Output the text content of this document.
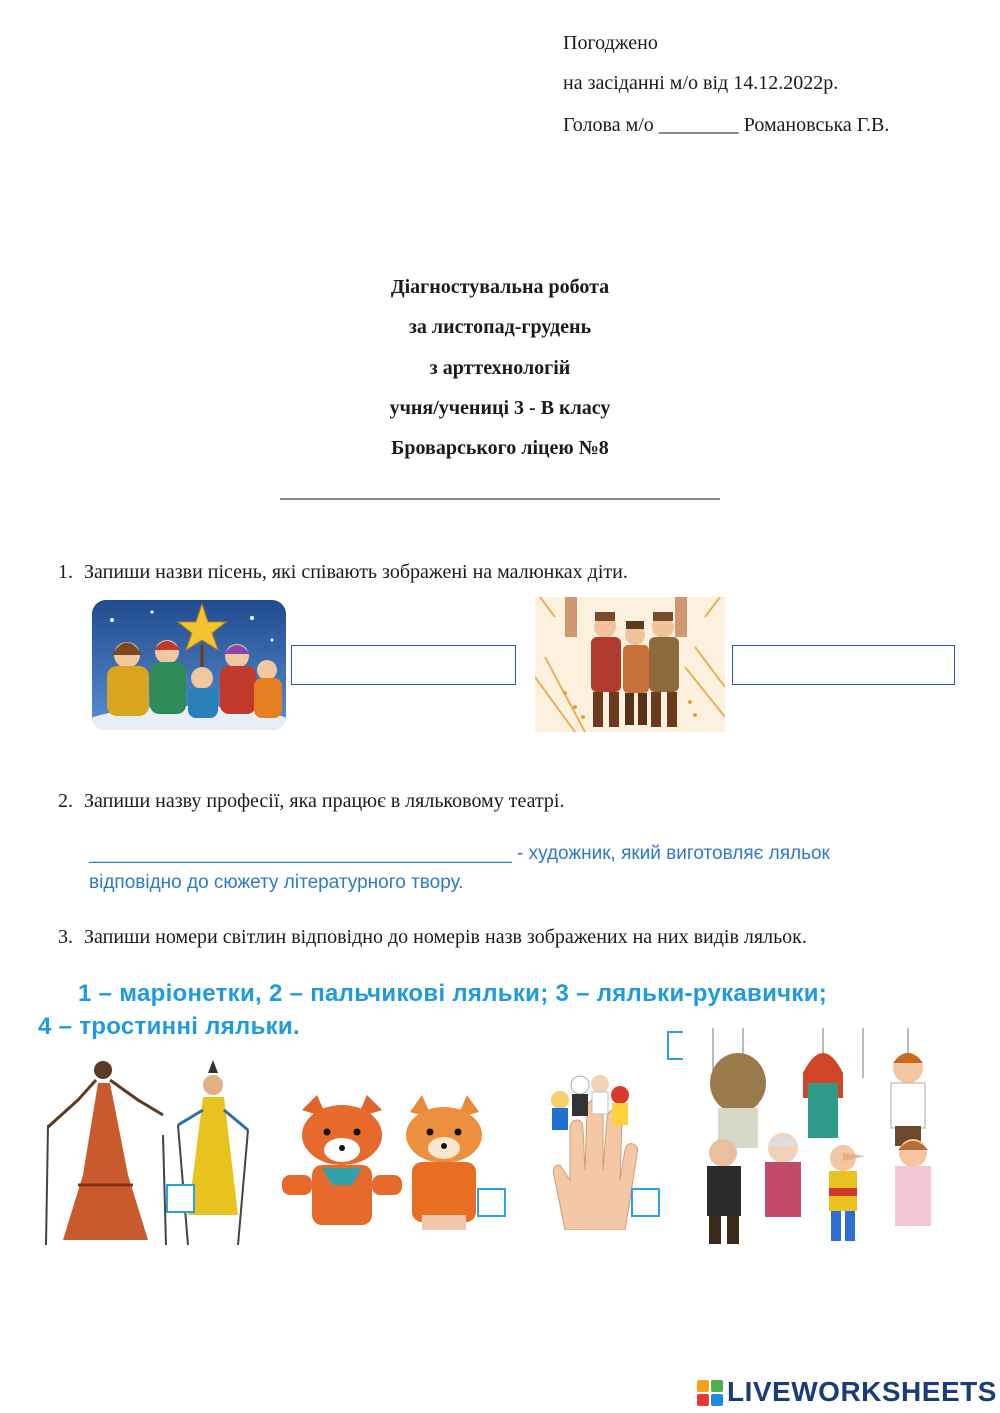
Погоджено

на засіданні м/о від 14.12.2022р.

Голова м/о ________ Романовська Г.В.

Діагностувальна робота
за листопад-грудень
з арттехнологій
учня/учениці 3 - В класу
Броварського ліцею №8
____________________________________________
1. Запиши назви пісень, які співають зображені на малюнках діти.
2. Запиши назву професії, яка працює в ляльковому театрі.
________________________________________ - художник, який виготовляє ляльок
відповідно до сюжету літературного твору.
3. Запиши номери світлин відповідно до номерів назв зображених на них видів ляльок.
1 – маріонетки, 2 – пальчикові ляльки; 3 – ляльки-рукавички;
4 – тростинні ляльки.
LIVEWORKSHEETS
